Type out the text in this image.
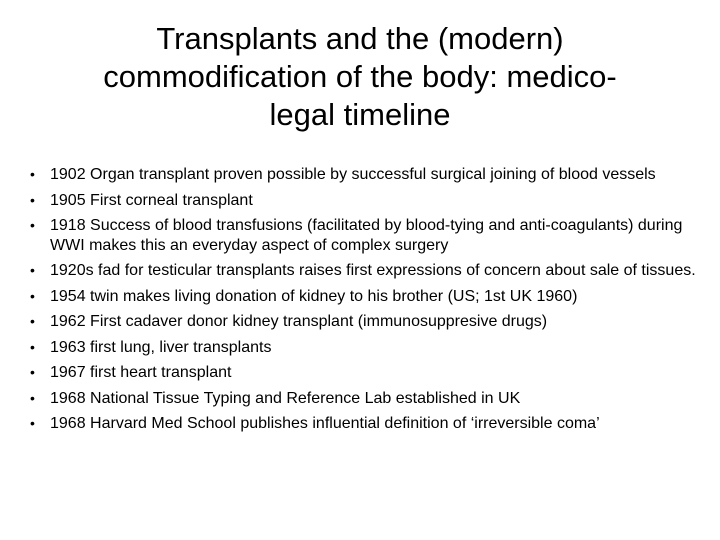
Transplants and the (modern)
commodification of the body: medico-
legal timeline
• 1902 Organ transplant proven possible by successful surgical joining of blood vessels
• 1905 First corneal transplant
• 1918 Success of blood transfusions (facilitated by blood-tying and anti-coagulants) during WWI makes this an everyday aspect of complex surgery
• 1920s fad for testicular transplants raises first expressions of concern about sale of tissues.
• 1954 twin makes living donation of kidney to his brother (US; 1st UK 1960)
• 1962 First cadaver donor kidney transplant (immunosuppresive drugs)
• 1963 first lung, liver transplants
• 1967 first heart transplant
• 1968 National Tissue Typing and Reference Lab established in UK
• 1968 Harvard Med School publishes influential definition of ‘irreversible coma’
